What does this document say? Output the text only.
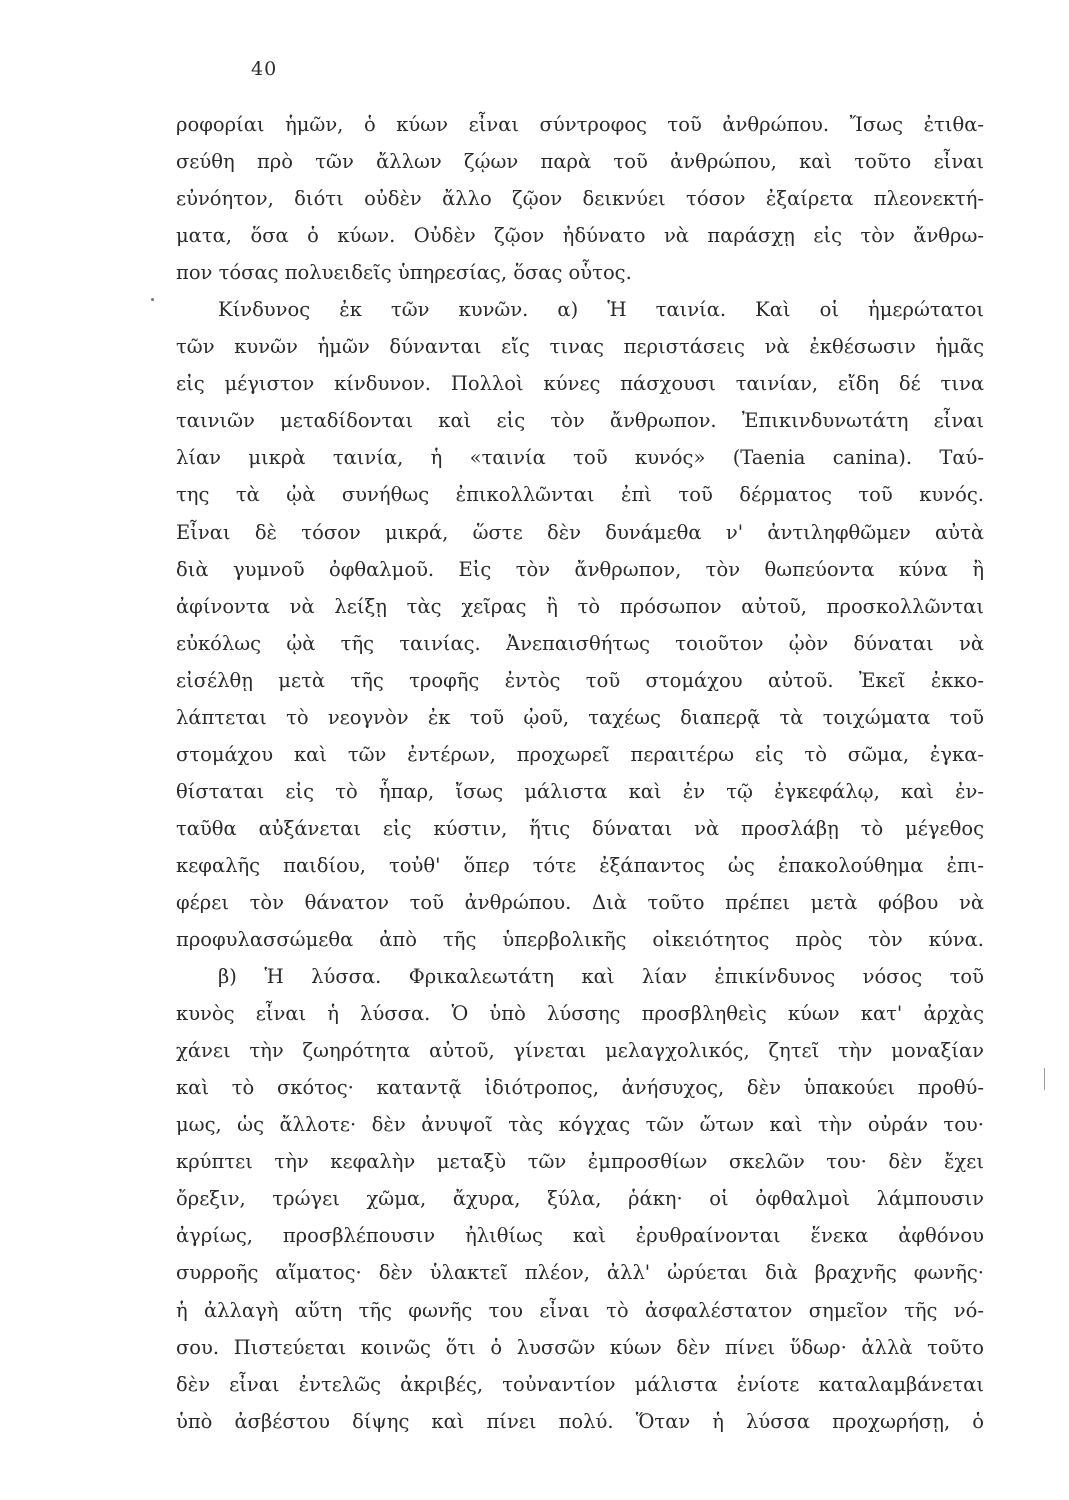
40
ροφορίαι ἡμῶν, ὁ κύων εἶναι σύντροφος τοῦ ἀνθρώπου. Ἴσως ἐτιθα-
σεύθη πρὸ τῶν ἄλλων ζῴων παρὰ τοῦ ἀνθρώπου, καὶ τοῦτο εἶναι
εὐνόητον, διότι οὐδὲν ἄλλο ζῷον δεικνύει τόσον ἐξαίρετα πλεονεκτή-
ματα, ὅσα ὁ κύων. Οὐδὲν ζῷον ἠδύνατο νὰ παράσχῃ εἰς τὸν ἄνθρω-
πον τόσας πολυειδεῖς ὑπηρεσίας, ὅσας οὗτος.
Κίνδυνος ἐκ τῶν κυνῶν. α) Ἡ ταινία. Καὶ οἱ ἡμερώτατοι
τῶν κυνῶν ἡμῶν δύνανται εἴς τινας περιστάσεις νὰ ἐκθέσωσιν ἡμᾶς
εἰς μέγιστον κίνδυνον. Πολλοὶ κύνες πάσχουσι ταινίαν, εἴδη δέ τινα
ταινιῶν μεταδίδονται καὶ εἰς τὸν ἄνθρωπον. Ἐπικινδυνωτάτη εἶναι
λίαν μικρὰ ταινία, ἡ «ταινία τοῦ κυνός» (Taenia canina). Ταύ-
της τὰ ᾠὰ συνήθως ἐπικολλῶνται ἐπὶ τοῦ δέρματος τοῦ κυνός.
Εἶναι δὲ τόσον μικρά, ὥστε δὲν δυνάμεθα ν' ἀντιληφθῶμεν αὐτὰ
διὰ γυμνοῦ ὀφθαλμοῦ. Εἰς τὸν ἄνθρωπον, τὸν θωπεύοντα κύνα ἢ
ἀφίνοντα νὰ λείξῃ τὰς χεῖρας ἢ τὸ πρόσωπον αὐτοῦ, προσκολλῶνται
εὐκόλως ᾠὰ τῆς ταινίας. Ἀνεπαισθήτως τοιοῦτον ᾠὸν δύναται νὰ
εἰσέλθῃ μετὰ τῆς τροφῆς ἐντὸς τοῦ στομάχου αὐτοῦ. Ἐκεῖ ἐκκο-
λάπτεται τὸ νεογνὸν ἐκ τοῦ ᾠοῦ, ταχέως διαπερᾷ τὰ τοιχώματα τοῦ
στομάχου καὶ τῶν ἐντέρων, προχωρεῖ περαιτέρω εἰς τὸ σῶμα, ἐγκα-
θίσταται εἰς τὸ ἧπαρ, ἴσως μάλιστα καὶ ἐν τῷ ἐγκεφάλῳ, καὶ ἐν-
ταῦθα αὐξάνεται εἰς κύστιν, ἥτις δύναται νὰ προσλάβῃ τὸ μέγεθος
κεφαλῆς παιδίου, τοὐθ' ὅπερ τότε ἐξάπαντος ὡς ἐπακολούθημα ἐπι-
φέρει τὸν θάνατον τοῦ ἀνθρώπου. Διὰ τοῦτο πρέπει μετὰ φόβου νὰ
προφυλασσώμεθα ἀπὸ τῆς ὑπερβολικῆς οἰκειότητος πρὸς τὸν κύνα.
β) Ἡ λύσσα. Φρικαλεωτάτη καὶ λίαν ἐπικίνδυνος νόσος τοῦ
κυνὸς εἶναι ἡ λύσσα. Ὁ ὑπὸ λύσσης προσβληθεὶς κύων κατ' ἀρχὰς
χάνει τὴν ζωηρότητα αὐτοῦ, γίνεται μελαγχολικός, ζητεῖ τὴν μοναξίαν
καὶ τὸ σκότος· καταντᾷ ἰδιότροπος, ἀνήσυχος, δὲν ὑπακούει προθύ-
μως, ὡς ἄλλοτε· δὲν ἀνυψοῖ τὰς κόγχας τῶν ὤτων καὶ τὴν οὐράν του·
κρύπτει τὴν κεφαλὴν μεταξὺ τῶν ἐμπροσθίων σκελῶν του· δὲν ἔχει
ὄρεξιν, τρώγει χῶμα, ἄχυρα, ξύλα, ῥάκη· οἱ ὀφθαλμοὶ λάμπουσιν
ἀγρίως, προσβλέπουσιν ἠλιθίως καὶ ἐρυθραίνονται ἕνεκα ἀφθόνου
συρροῆς αἵματος· δὲν ὑλακτεῖ πλέον, ἀλλ' ὠρύεται διὰ βραχνῆς φωνῆς·
ἡ ἀλλαγὴ αὕτη τῆς φωνῆς του εἶναι τὸ ἀσφαλέστατον σημεῖον τῆς νό-
σου. Πιστεύεται κοινῶς ὅτι ὁ λυσσῶν κύων δὲν πίνει ὕδωρ· ἀλλὰ τοῦτο
δὲν εἶναι ἐντελῶς ἀκριβές, τοὐναντίον μάλιστα ἐνίοτε καταλαμβάνεται
ὑπὸ ἀσβέστου δίψης καὶ πίνει πολύ. Ὅταν ἡ λύσσα προχωρήσῃ, ὁ
